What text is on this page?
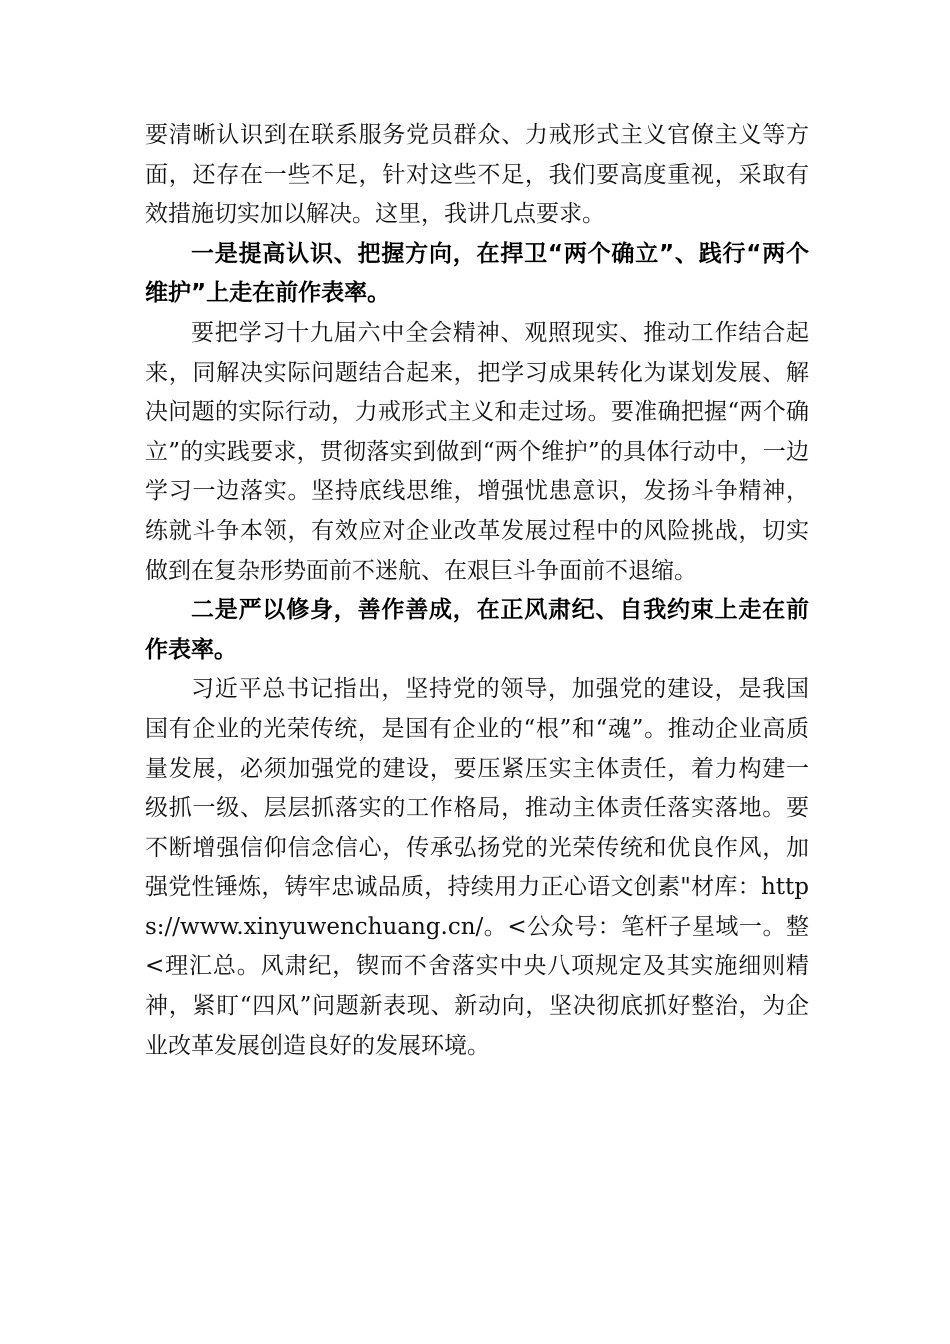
要清晰认识到在联系服务党员群众、力戒形式主义官僚主义等方面，还存在一些不足，针对这些不足，我们要高度重视，采取有效措施切实加以解决。这里，我讲几点要求。

一是提高认识、把握方向，在捍卫“两个确立”、践行“两个维护”上走在前作表率。

要把学习十九届六中全会精神、观照现实、推动工作结合起来，同解决实际问题结合起来，把学习成果转化为谋划发展、解决问题的实际行动，力戒形式主义和走过场。要准确把握“两个确立”的实践要求，贯彻落实到做到“两个维护”的具体行动中，一边学习一边落实。坚持底线思维，增强忧患意识，发扬斗争精神，练就斗争本领，有效应对企业改革发展过程中的风险挑战，切实做到在复杂形势面前不迷航、在艰巨斗争面前不退缩。

二是严以修身，善作善成，在正风肃纪、自我约束上走在前作表率。

习近平总书记指出，坚持党的领导，加强党的建设，是我国国有企业的光荣传统，是国有企业的“根”和“魂”。推动企业高质量发展，必须加强党的建设，要压紧压实主体责任，着力构建一级抓一级、层层抓落实的工作格局，推动主体责任落实落地。要不断增强信仰信念信心，传承弘扬党的光荣传统和优良作风，加强党性锤炼，铸牢忠诚品质，持续用力正心语文创素"材库：https://www.xinyuwenchuang.cn/。<公众号：笔杆子星域一。整<理汇总。风肃纪，锲而不舍落实中央八项规定及其实施细则精神，紧盯“四风”问题新表现、新动向，坚决彻底抓好整治，为企业改革发展创造良好的发展环境。
